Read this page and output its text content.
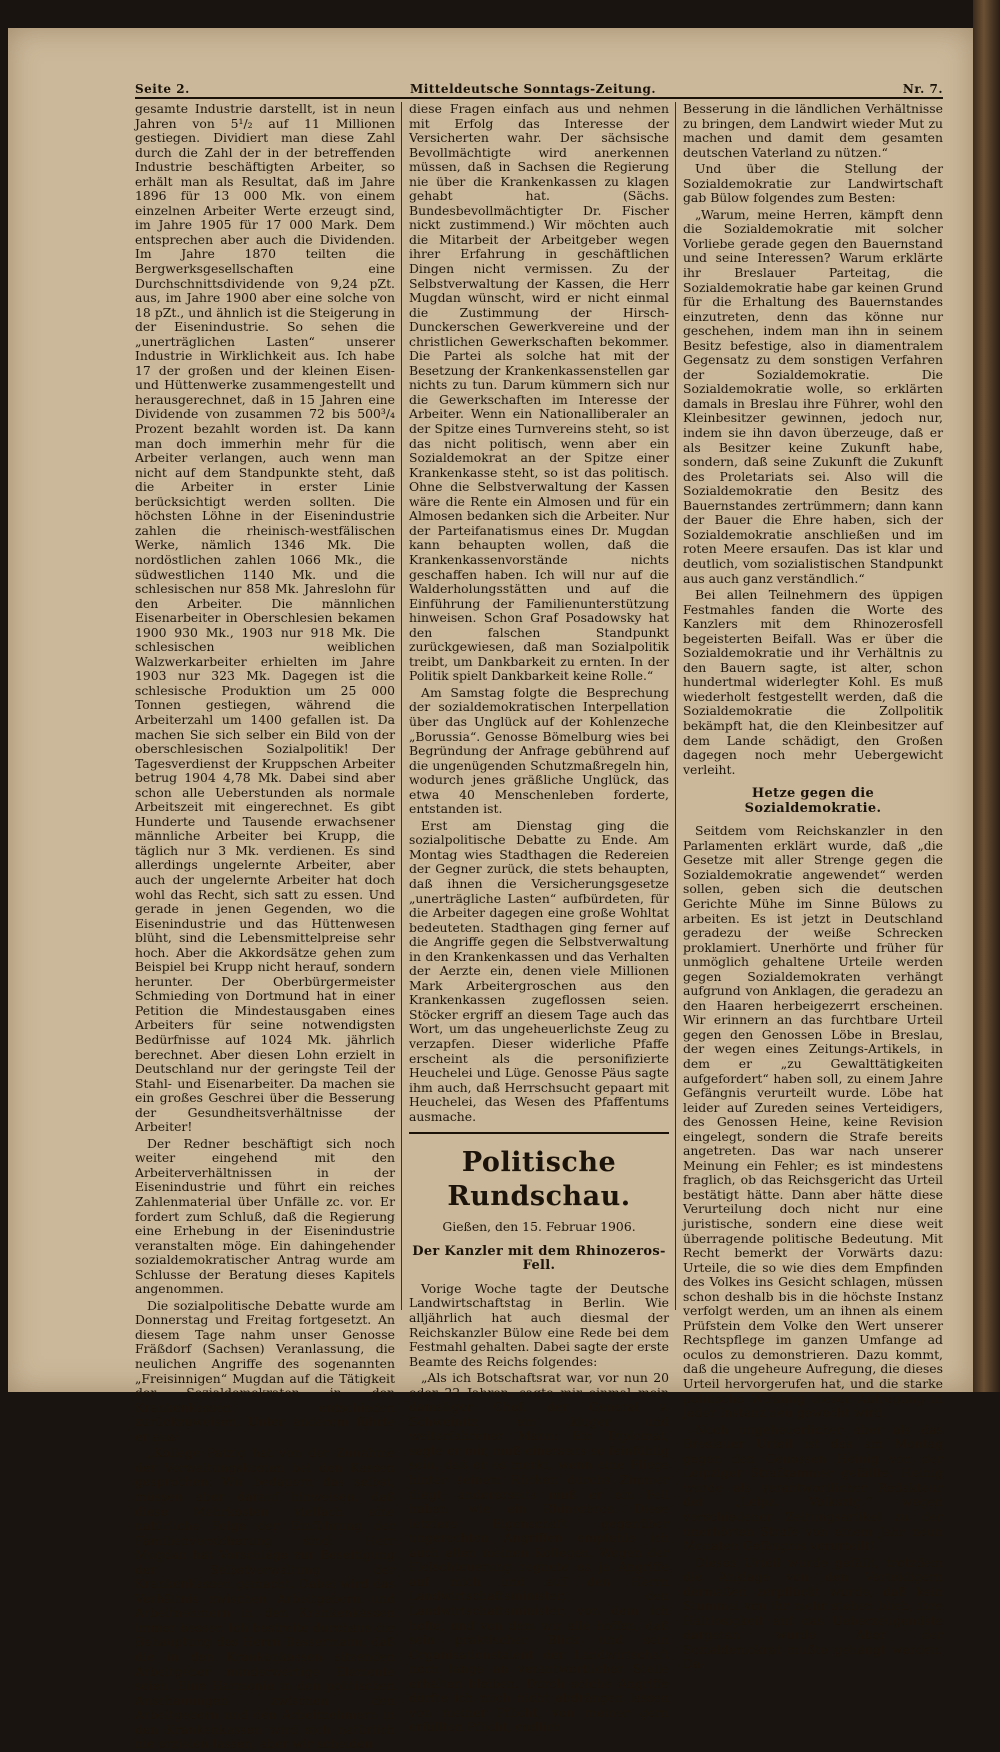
Seite 2.	Mitteldeutsche Sonntags-Zeitung.	Nr. 7.

gesamte Industrie darstellt, ist in neun Jahren von 5¹/₂ auf 11 Millionen gestiegen. Dividiert man diese Zahl durch die Zahl der in der betreffenden Industrie beschäftigten Arbeiter, so erhält man als Resultat, daß im Jahre 1896 für 13 000 Mk. von einem einzelnen Arbeiter Werte erzeugt sind, im Jahre 1905 für 17 000 Mark. Dem entsprechen aber auch die Dividenden. Im Jahre 1870 teilten die Bergwerksgesellschaften eine Durchschnittsdividende von 9,24 pZt. aus, im Jahre 1900 aber eine solche von 18 pZt., und ähnlich ist die Steigerung in der Eisenindustrie. So sehen die „unerträglichen Lasten“ unserer Industrie in Wirklichkeit aus. Ich habe 17 der großen und der kleinen Eisen- und Hüttenwerke zusammengestellt und herausgerechnet, daß in 15 Jahren eine Dividende von zusammen 72 bis 500³/₄ Prozent bezahlt worden ist. Da kann man doch immerhin mehr für die Arbeiter verlangen, auch wenn man nicht auf dem Standpunkte steht, daß die Arbeiter in erster Linie berücksichtigt werden sollten. Die höchsten Löhne in der Eisenindustrie zahlen die rheinisch-westfälischen Werke, nämlich 1346 Mk. Die nordöstlichen zahlen 1066 Mk., die südwestlichen 1140 Mk. und die schlesischen nur 858 Mk. Jahreslohn für den Arbeiter. Die männlichen Eisenarbeiter in Oberschlesien bekamen 1900 930 Mk., 1903 nur 918 Mk. Die schlesischen weiblichen Walzwerkarbeiter erhielten im Jahre 1903 nur 323 Mk. Dagegen ist die schlesische Produktion um 25 000 Tonnen gestiegen, während die Arbeiterzahl um 1400 gefallen ist. Da machen Sie sich selber ein Bild von der oberschlesischen Sozialpolitik! Der Tagesverdienst der Kruppschen Arbeiter betrug 1904 4,78 Mk. Dabei sind aber schon alle Ueberstunden als normale Arbeitszeit mit eingerechnet. Es gibt Hunderte und Tausende erwachsener männliche Arbeiter bei Krupp, die täglich nur 3 Mk. verdienen. Es sind allerdings ungelernte Arbeiter, aber auch der ungelernte Arbeiter hat doch wohl das Recht, sich satt zu essen. Und gerade in jenen Gegenden, wo die Eisenindustrie und das Hüttenwesen blüht, sind die Lebensmittelpreise sehr hoch. Aber die Akkordsätze gehen zum Beispiel bei Krupp nicht herauf, sondern herunter. Der Oberbürgermeister Schmieding von Dortmund hat in einer Petition die Mindestausgaben eines Arbeiters für seine notwendigsten Bedürfnisse auf 1024 Mk. jährlich berechnet. Aber diesen Lohn erzielt in Deutschland nur der geringste Teil der Stahl- und Eisenarbeiter. Da machen sie ein großes Geschrei über die Besserung der Gesundheitsverhältnisse der Arbeiter!

Der Redner beschäftigt sich noch weiter eingehend mit den Arbeiterverhältnissen in der Eisenindustrie und führt ein reiches Zahlenmaterial über Unfälle zc. vor. Er fordert zum Schluß, daß die Regierung eine Erhebung in der Eisenindustrie veranstalten möge. Ein dahingehender sozialdemokratischer Antrag wurde am Schlusse der Beratung dieses Kapitels angenommen.

Die sozialpolitische Debatte wurde am Donnerstag und Freitag fortgesetzt. An diesem Tage nahm unser Genosse Fräßdorf (Sachsen) Veranlassung, die neulichen Angriffe des sogenannten „Freisinnigen“ Mugdan auf die Tätigkeit der Sozialdemokraten in den Krankenkassen entschieden zurückzuweisen. Unter anderem führte er aus:

„Kollege Patzig hat von der Zunahme der Verwaltungskosten bei den Kassen gesprochen. Wir bedauern das selbst, müssen aber darauf hinweisen, daß diese Mehrkosten vielfach eine natürliche Folge der Einführung der Familienversicherung sind. Herr Mugdan hat Vorschläge zur Beseitigung der Selbstverwaltung der Krankenkassen gemacht. Dabei wird das Verhältnis zwischen Arbeitgebern und Arbeitnehmern in den Krankenkassen immer besser. Ich bestreite durchaus die Behauptung des Herrn Bassermann, daß die in den Krankenkassen sitzenden Arbeitgeber minderwertige Elemente seien. Eine Harmonie in den politischen Anschauungen zwischen den Arbeitgebern und den Arbeitnehmern in den Krankenkassen wird sich natürlich nie erzielen lassen, aber wir scheiden

diese Fragen einfach aus und nehmen mit Erfolg das Interesse der Versicherten wahr. Der sächsische Bevollmächtigte wird anerkennen müssen, daß in Sachsen die Regierung nie über die Krankenkassen zu klagen gehabt hat. (Sächs. Bundesbevollmächtigter Dr. Fischer nickt zustimmend.) Wir möchten auch die Mitarbeit der Arbeitgeber wegen ihrer Erfahrung in geschäftlichen Dingen nicht vermissen. Zu der Selbstverwaltung der Kassen, die Herr Mugdan wünscht, wird er nicht einmal die Zustimmung der Hirsch-Dunckerschen Gewerkvereine und der christlichen Gewerkschaften bekommer. Die Partei als solche hat mit der Besetzung der Krankenkassenstellen gar nichts zu tun. Darum kümmern sich nur die Gewerkschaften im Interesse der Arbeiter. Wenn ein Nationalliberaler an der Spitze eines Turnvereins steht, so ist das nicht politisch, wenn aber ein Sozialdemokrat an der Spitze einer Krankenkasse steht, so ist das politisch. Ohne die Selbstverwaltung der Kassen wäre die Rente ein Almosen und für ein Almosen bedanken sich die Arbeiter. Nur der Parteifanatismus eines Dr. Mugdan kann behaupten wollen, daß die Krankenkassenvorstände nichts geschaffen haben. Ich will nur auf die Walderholungsstätten und auf die Einführung der Familienunterstützung hinweisen. Schon Graf Posadowsky hat den falschen Standpunkt zurückgewiesen, daß man Sozialpolitik treibt, um Dankbarkeit zu ernten. In der Politik spielt Dankbarkeit keine Rolle.“

Am Samstag folgte die Besprechung der sozialdemokratischen Interpellation über das Unglück auf der Kohlenzeche „Borussia“. Genosse Bömelburg wies bei Begründung der Anfrage gebührend auf die ungenügenden Schutzmaßregeln hin, wodurch jenes gräßliche Unglück, das etwa 40 Menschenleben forderte, entstanden ist.

Erst am Dienstag ging die sozialpolitische Debatte zu Ende. Am Montag wies Stadthagen die Redereien der Gegner zurück, die stets behaupten, daß ihnen die Versicherungsgesetze „unerträgliche Lasten“ aufbürdeten, für die Arbeiter dagegen eine große Wohltat bedeuteten. Stadthagen ging ferner auf die Angriffe gegen die Selbstverwaltung in den Krankenkassen und das Verhalten der Aerzte ein, denen viele Millionen Mark Arbeitergroschen aus den Krankenkassen zugeflossen seien. Stöcker ergriff an diesem Tage auch das Wort, um das ungeheuerlichste Zeug zu verzapfen. Dieser widerliche Pfaffe erscheint als die personifizierte Heuchelei und Lüge. Genosse Päus sagte ihm auch, daß Herrschsucht gepaart mit Heuchelei, das Wesen des Pfaffentums ausmache.

Politische Rundschau.
Gießen, den 15. Februar 1906.
Der Kanzler mit dem Rhinozeros-Fell.

Vorige Woche tagte der Deutsche Landwirtschaftstag in Berlin. Wie alljährlich hat auch diesmal der Reichskanzler Bülow eine Rede bei dem Festmahl gehalten. Dabei sagte der erste Beamte des Reichs folgendes:

„Als ich Botschaftsrat war, vor nun 20 oder 22 Jahren, sagte mir einmal mein damaliger Chef, der General v. Schweinitz, ein kluger und welterfahrener Mann: Ein Diplomat, sagte er mir, muß einerseits so feinfühlig sein, daß er es merkt, wenn eine Fliege hinter seinem Rücken durchs Zimmer fliegt; andererseits muß er ein Fell haben, wie ein Rhinozeros. Diese letztere Eigenschaft gegenüber ungerechten Angriffen empfehle ich auch allen meinen Kollegen. Wegen der Fleischteuerung regnete es ja Angriffe auf mich und auf den Herrn Landwirtschaftsminister, den Landwirtschaftsminister, von dem ich hoffe, und von dem wir alle hoffen, daß sein praktischer Blick und sein Organisationstalent der Landwirtschaft noch lange an verantwortlicher Stelle erhalten bleiben. Durch solche Angriffe dürfte ich mich nicht abdrängen lassen von meiner Pflicht, von meiner gern erfüllten Pflicht, endlich

Besserung in die ländlichen Verhältnisse zu bringen, dem Landwirt wieder Mut zu machen und damit dem gesamten deutschen Vaterland zu nützen.“

Und über die Stellung der Sozialdemokratie zur Landwirtschaft gab Bülow folgendes zum Besten:

„Warum, meine Herren, kämpft denn die Sozialdemokratie mit solcher Vorliebe gerade gegen den Bauernstand und seine Interessen? Warum erklärte ihr Breslauer Parteitag, die Sozialdemokratie habe gar keinen Grund für die Erhaltung des Bauernstandes einzutreten, denn das könne nur geschehen, indem man ihn in seinem Besitz befestige, also in diamentralem Gegensatz zu dem sonstigen Verfahren der Sozialdemokratie. Die Sozialdemokratie wolle, so erklärten damals in Breslau ihre Führer, wohl den Kleinbesitzer gewinnen, jedoch nur, indem sie ihn davon überzeuge, daß er als Besitzer keine Zukunft habe, sondern, daß seine Zukunft die Zukunft des Proletariats sei. Also will die Sozialdemokratie den Besitz des Bauernstandes zertrümmern; dann kann der Bauer die Ehre haben, sich der Sozialdemokratie anschließen und im roten Meere ersaufen. Das ist klar und deutlich, vom sozialistischen Standpunkt aus auch ganz verständlich.“

Bei allen Teilnehmern des üppigen Festmahles fanden die Worte des Kanzlers mit dem Rhinozerosfell begeisterten Beifall. Was er über die Sozialdemokratie und ihr Verhältnis zu den Bauern sagte, ist alter, schon hundertmal widerlegter Kohl. Es muß wiederholt festgestellt werden, daß die Sozialdemokratie die Zollpolitik bekämpft hat, die den Kleinbesitzer auf dem Lande schädigt, den Großen dagegen noch mehr Uebergewicht verleiht.

Hetze gegen die Sozialdemokratie.

Seitdem vom Reichskanzler in den Parlamenten erklärt wurde, daß „die Gesetze mit aller Strenge gegen die Sozialdemokratie angewendet“ werden sollen, geben sich die deutschen Gerichte Mühe im Sinne Bülows zu arbeiten. Es ist jetzt in Deutschland geradezu der weiße Schrecken proklamiert. Unerhörte und früher für unmöglich gehaltene Urteile werden gegen Sozialdemokraten verhängt aufgrund von Anklagen, die geradezu an den Haaren herbeigezerrt erscheinen. Wir erinnern an das furchtbare Urteil gegen den Genossen Löbe in Breslau, der wegen eines Zeitungs-Artikels, in dem er „zu Gewalttätigkeiten aufgefordert“ haben soll, zu einem Jahre Gefängnis verurteilt wurde. Löbe hat leider auf Zureden seines Verteidigers, des Genossen Heine, keine Revision eingelegt, sondern die Strafe bereits angetreten. Das war nach unserer Meinung ein Fehler; es ist mindestens fraglich, ob das Reichsgericht das Urteil bestätigt hätte. Dann aber hätte diese Verurteilung doch nicht nur eine juristische, sondern eine diese weit überragende politische Bedeutung. Mit Recht bemerkt der Vorwärts dazu: Urteile, die so wie dies dem Empfinden des Volkes ins Gesicht schlagen, müssen schon deshalb bis in die höchste Instanz verfolgt werden, um an ihnen als einem Prüfstein dem Volke den Wert unserer Rechtspflege im ganzen Umfange ad oculos zu demonstrieren. Dazu kommt, daß die ungeheure Aufregung, die dieses Urteil hervorgerufen hat, und die starke politische Wirkung dieser Aufregung in jeder Instanz neu gewecht wird.

Noch ungeheuerlicher aber als das Breslauer Urteil ist das am Montag gegen den Genossen Heinig von der Leipziger Strafkammer gefällte. Heinig wurde als verantwortlicher Redakteur der „Leipz. Volksztg.“ wegen verschiedener Zeitungsartikel zu der unerhörten Strafe von einem Jahr neun Monaten Gefängnis verurteilt!

Dieses Urteil wurde gefällt, trotzdem die Anklage von den Verteidigern dermaßen zerpflückt wurde, daß kein Stummel von ihr mehr stehen blieb, ihre Haltlosigkeit auf das Ueberzeugendste dargetan wurde. Aber der Sozialdemokrat mußte gehängt werden. Da-
